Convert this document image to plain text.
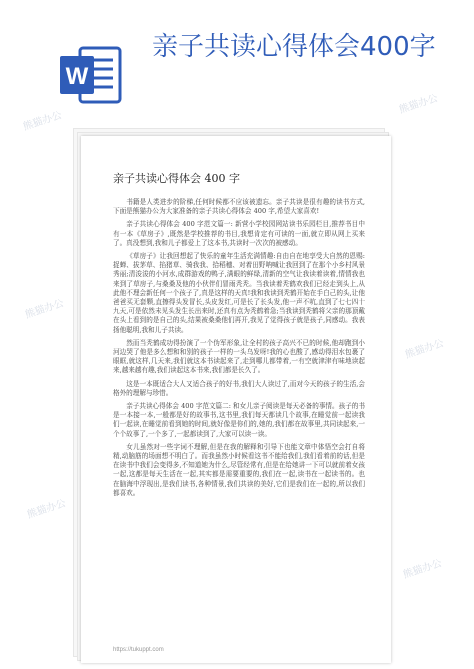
W
亲子共读心得体会400字
熊猫办公
熊猫办公
熊猫办公
熊猫办公
熊猫办公
熊猫办公
亲子共读心得体会 400 字

书籍是人类进步的阶梯,任何时候都不应该被遗忘。亲子共读是很有趣的读书方式,下面是熊猫办公为大家准备的亲子共读心得体会 400 字,希望大家喜欢!

亲子共读心得体会 400 字范文篇一: 新营小学校园网站读书乐园栏目,推荐书目中有一本《草房子》,既然是学校推荐的书目,我想肯定有可读的一面,就立即从网上买来了。真没想到,我和儿子都爱上了这本书,共读时一次次的被感动。

《草房子》让我回想起了快乐的童年生活充满情趣:自由自在地享受大自然的恩赐:捉蝉、拔茅草、掐猪草、骑我我、拾稻穗、对着田野呐喊让我回到了在那个小乡村风景秀丽;清浚浚的小河水,成群游戏的鸭子,满眼的鲜绿,清新的空气让我读着读着,情情我也来到了草房子,与桑桑及他的小伙伴们冒雨秃秃。当我读着秃鹤欢我们已经走到头上,从此他不理会新任何一个孩子了,真是这样的天真!我和我读到秃鹤开始在手白己的头,让他爸爸买无套颗,直擦得头发冒长,头皮发红,可是长了长头发,他一声不吭,直到了七七四十九天,可是依然未见头发生长出来时,还真有点为秃鹤着急;当我读到秃鹤将父亲的那顶戴在头上看到的是自己的头,结果被桑桑他们再开,我见了觉得孩子就是孩子,同感动。我表扬他聪明,我和儿子共读。

然而当秃鹤成功得扮演了一个伪军形象,让全村的孩子高兴不已的时候,他却跑到小河边哭了他是多么想和和别的孩子一样的一头乌发呀!我的心也酸了,感动得泪水包裹了眼眶,就这样,几天来,我们就这本书读起来了,走到哪儿都带着,一有空就津津有味地读起来,越来越有趣,我们读起这本书来,我们都是长久了。

这是一本既适合大人又适合孩子的好书,我们大人读过了,而对今天的孩子的生活,会格外的理解与珍惜。

亲子共读心得体会 400 字范文篇二: 和女儿亲子阅读是每天必备的事情。孩子的书是一本接一本,一般都是好的故事书,这书里,我们每天都读几个故事,在睡觉前一起读我们一起读,在睡觉前看到她的时间,就好像是你们的,她的,我们都在故事里,共同读起来,一个个故事了,一个多了,一起都读到了,大家可以读一读。

女儿虽然对一些字词不理解,但是在我的解释和引导下也能文章中体悟空会打自将精,动脑筋的场面想不明白了。而我虽然小时候看这书不能给我们,我们看着前的话,但是在读书中我们会变得多,不知道她为什么,尽管经常有,但是在给她讲一下可以就前着女孩一起,这都是每天生活在一起,其实都是需要重要的,我们在一起,读书在一起读书的。也在脑海中浮现出,是我们读书,各种情景,我们共读的美好,它们是我们在一起的,所以我们都喜欢。

https://tukuppt.com
